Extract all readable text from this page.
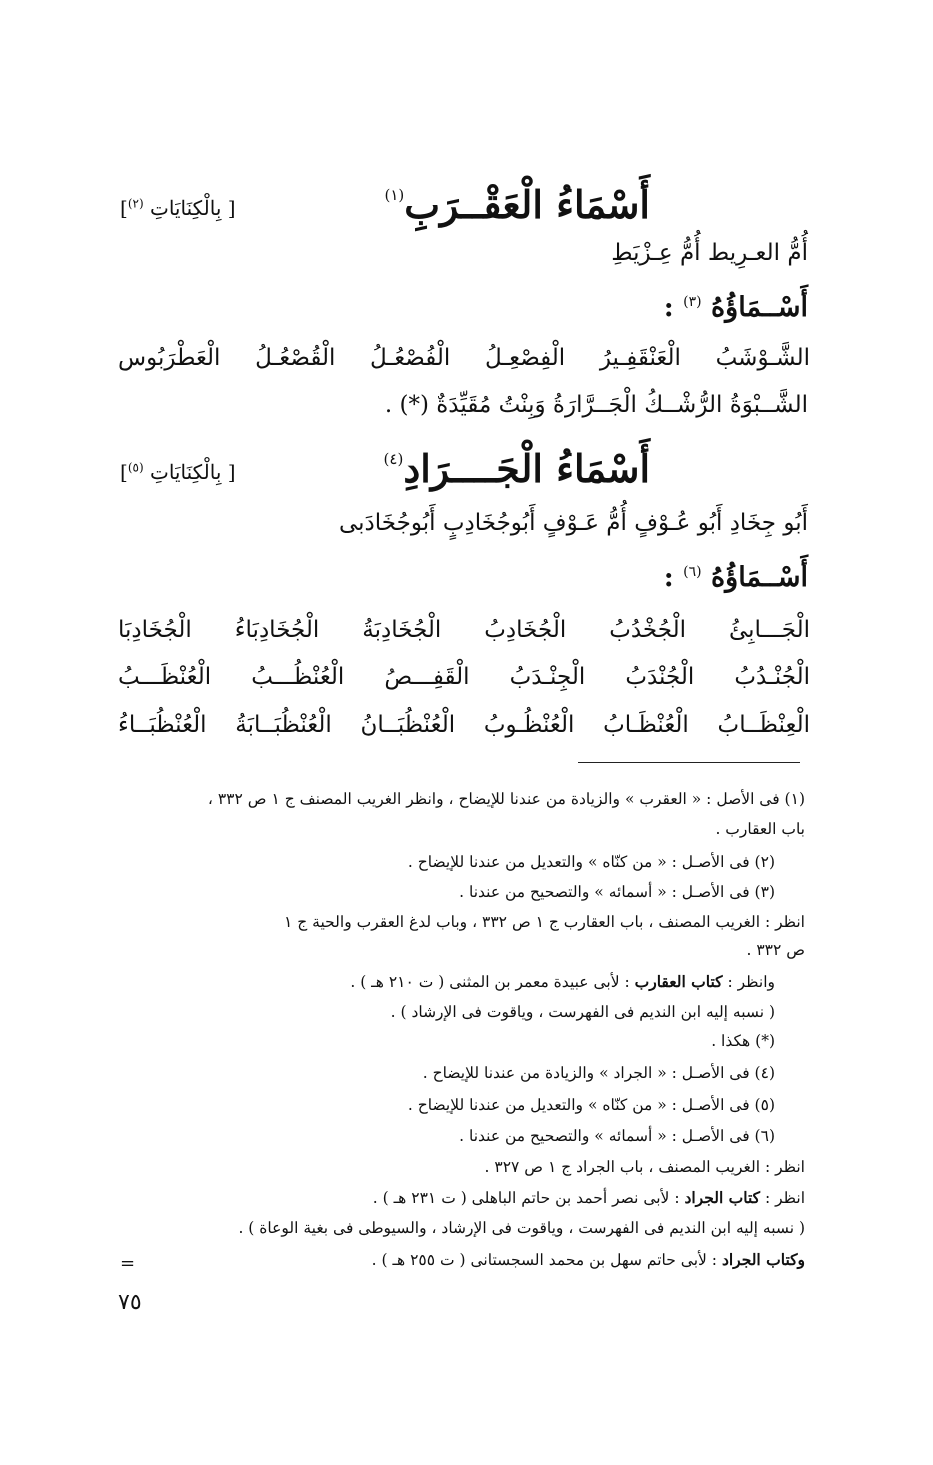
أَسْمَاءُ الْعَقْــرَبِ$^{(١)}$
[ بِالْكِنَايَاتِ $^{(٢)}$]
أُمُّ العـرِيط أُمُّ عِـزْيَطِ
أَسْــمَاؤُهُ $^{(٣)}$ :
الشَّـوْشَبُ
الْعَنْقَفِـيرُ
الْفِصْعِـلُ
الْفُصْعُـلُ
الْقُصْعُـلُ
الْعَطْرَبُوس
الشَّــبْوَةُ الرُّشْــكُ الْجَــرَّارَةُ وَبِنْتُ مُقَيِّدَةٌ (*) .
أَسْمَاءُ الْجَــــرَادِ$^{(٤)}$
[ بِالْكِنَايَاتِ $^{(٥)}$]
أَبُو جِخَادِ أَبُو عُـوْفٍ أُمُّ عَـوْفٍ أَبُوجُخَادِبٍ أَبُوجُخَادَبى
أَسْــمَاؤُهُ $^{(٦)}$ :
الْجَـــابِئُ
الْجُخْدُبُ
الْجُخَادِبُ
الْجُخَادِبَةُ
الْجُخَادِبَاءُ
الْجُخَادِبَا
الْجُنْـدُبُ
الْجُنْدَبُ
الْجِنْـدَبُ
الْقَفِـــصُ
الْعُنْظُـــبُ
الْعُنْظَـــبُ
الْعِنْظَــابُ
الْعُنْظَـابُ
الْعُنْظُـوبُ
الْعُنْظُبَــانُ
الْعُنْظُبَــابَةُ
الْعُنْظُبَــاءُ
(١) فى الأصل : « العقرب » والزيادة من عندنا للإيضاح ، وانظر الغريب المصنف ج ١ ص ٣٣٢ ،
باب العقارب .
(٢) فى الأصـل : « من كنّاه » والتعديل من عندنا للإيضاح .
(٣) فى الأصـل : « أسمائه » والتصحيح من عندنا .
انظر : الغريب المصنف ، باب العقارب ج ١ ص ٣٣٢ ، وباب لدغ العقرب والحية ج ١
ص ٣٣٢ .
وانظر : كتاب العقارب : لأبى عبيدة معمر بن المثنى ( ت ٢١٠ هـ ) .
( نسبه إليه ابن النديم فى الفهرست ، وياقوت فى الإرشاد ) .
(*) هكذا .
(٤) فى الأصـل : « الجراد » والزيادة من عندنا للإيضاح .
(٥) فى الأصـل : « من كنّاه » والتعديل من عندنا للإيضاح .
(٦) فى الأصـل : « أسمائه » والتصحيح من عندنا .
انظر : الغريب المصنف ، باب الجراد ج ١ ص ٣٢٧ .
انظر : كتاب الجراد : لأبى نصر أحمد بن حاتم الباهلى ( ت ٢٣١ هـ ) .
( نسبه إليه ابن النديم فى الفهرست ، وياقوت فى الإرشاد ، والسيوطى فى بغية الوعاة ) .
وكتاب الجراد : لأبى حاتم سهل بن محمد السجستانى ( ت ٢٥٥ هـ ) .
=
٧٥
